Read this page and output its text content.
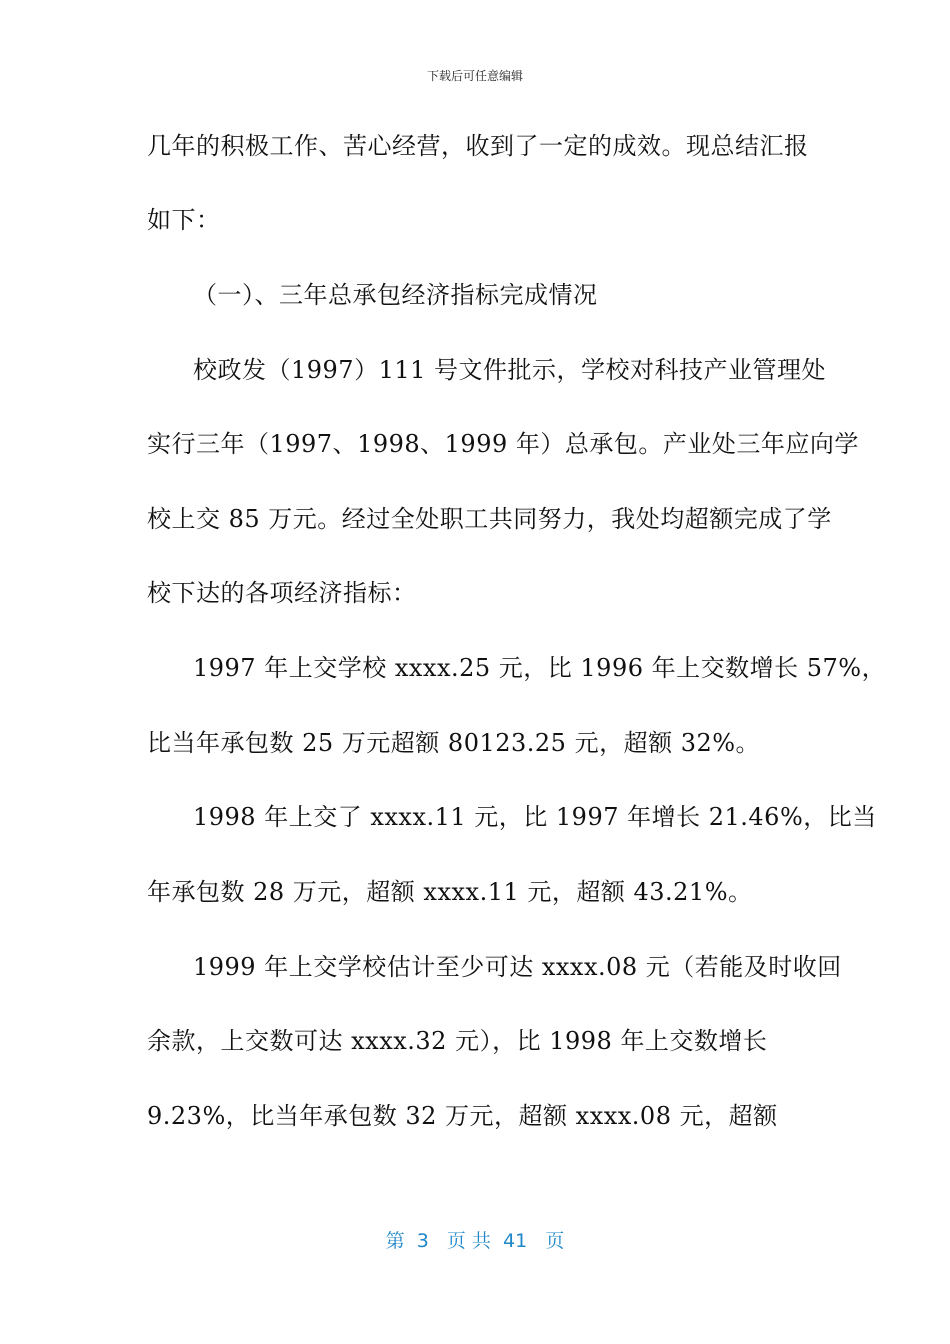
下载后可任意编辑
几年的积极工作、苦心经营，收到了一定的成效。现总结汇报
如下：
（一）、三年总承包经济指标完成情况
校政发（1997）111 号文件批示，学校对科技产业管理处
实行三年（1997、1998、1999 年）总承包。产业处三年应向学
校上交 85 万元。经过全处职工共同努力，我处均超额完成了学
校下达的各项经济指标：
1997 年上交学校 xxxx.25 元，比 1996 年上交数增长 57%，
比当年承包数 25 万元超额 80123.25 元，超额 32%。
1998 年上交了 xxxx.11 元，比 1997 年增长 21.46%，比当
年承包数 28 万元，超额 xxxx.11 元，超额 43.21%。
1999 年上交学校估计至少可达 xxxx.08 元（若能及时收回
余款，上交数可达 xxxx.32 元），比 1998 年上交数增长
9.23%，比当年承包数 32 万元，超额 xxxx.08 元，超额
第  3   页 共  41   页
